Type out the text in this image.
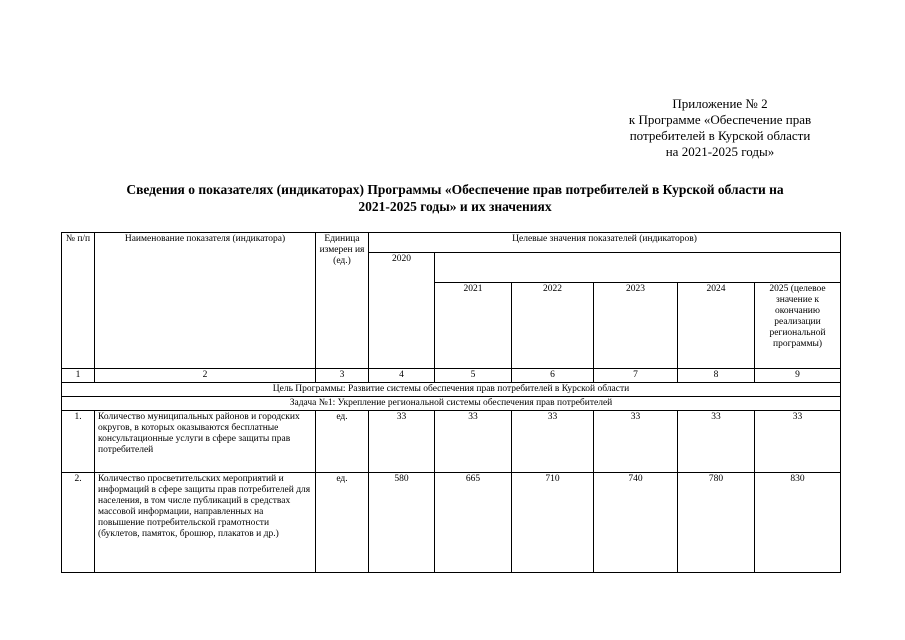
Приложение № 2
к Программе «Обеспечение прав
потребителей в Курской области
на 2021-2025 годы»
Сведения о показателях (индикаторах) Программы «Обеспечение прав потребителей в Курской области на
2021-2025 годы» и их значениях
№ п/п	Наименование показателя (индикатора)	Единица измерен ия (ед.)	Целевые значения показателей (индикаторов)					
			2020					
				2021	2022	2023	2024	2025 (целевое значение к окончанию реализации региональной программы)
1	2	3	4	5	6	7	8	9
Цель Программы: Развитие системы обеспечения прав потребителей в Курской области								
Задача №1: Укрепление региональной системы обеспечения прав потребителей								
1.	Количество муниципальных районов и городских округов, в которых оказываются бесплатные консультационные услуги в сфере защиты прав потребителей	ед.	33	33	33	33	33	33
2.	Количество просветительских мероприятий и информаций в сфере защиты прав потребителей для населения, в том числе публикаций в средствах массовой информации, направленных на повышение потребительской грамотности (буклетов, памяток, брошюр, плакатов и др.)	ед.	580	665	710	740	780	830
